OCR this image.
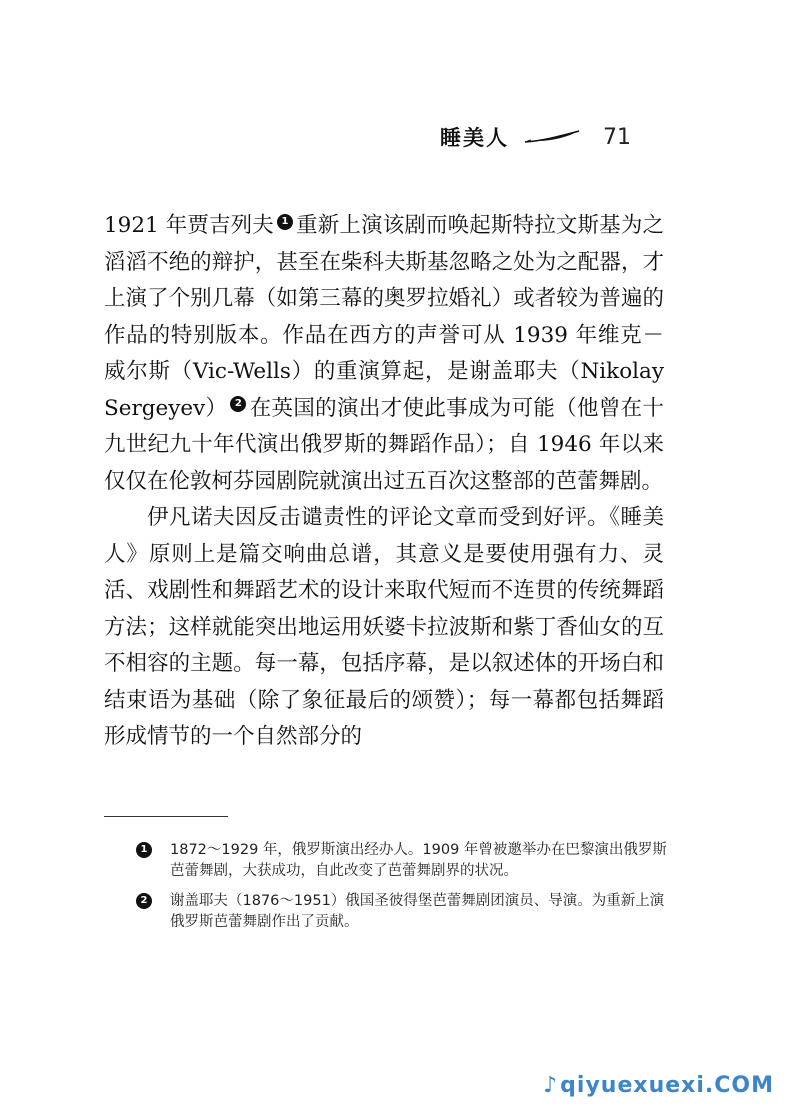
睡美人	71

1921 年贾吉列夫 1 重新上演该剧而唤起斯特拉文斯基为之滔滔不绝的辩护，甚至在柴科夫斯基忽略之处为之配器，才上演了个别几幕（如第三幕的奥罗拉婚礼）或者较为普遍的作品的特别版本。作品在西方的声誉可从 1939 年维克－威尔斯（Vic-Wells）的重演算起，是谢盖耶夫（Nikolay Sergeyev） 2 在英国的演出才使此事成为可能（他曾在十九世纪九十年代演出俄罗斯的舞蹈作品）；自 1946 年以来仅仅在伦敦柯芬园剧院就演出过五百次这整部的芭蕾舞剧。

伊凡诺夫因反击谴责性的评论文章而受到好评。《睡美人》原则上是篇交响曲总谱，其意义是要使用强有力、灵活、戏剧性和舞蹈艺术的设计来取代短而不连贯的传统舞蹈方法；这样就能突出地运用妖婆卡拉波斯和紫丁香仙女的互不相容的主题。每一幕，包括序幕，是以叙述体的开场白和结束语为基础（除了象征最后的颂赞）；每一幕都包括舞蹈形成情节的一个自然部分的

1	1872～1929 年，俄罗斯演出经办人。1909 年曾被邀举办在巴黎演出俄罗斯芭蕾舞剧，大获成功，自此改变了芭蕾舞剧界的状况。
2	谢盖耶夫（1876～1951）俄国圣彼得堡芭蕾舞剧团演员、导演。为重新上演俄罗斯芭蕾舞剧作出了贡献。
♪ qiyuexuexi.COM
